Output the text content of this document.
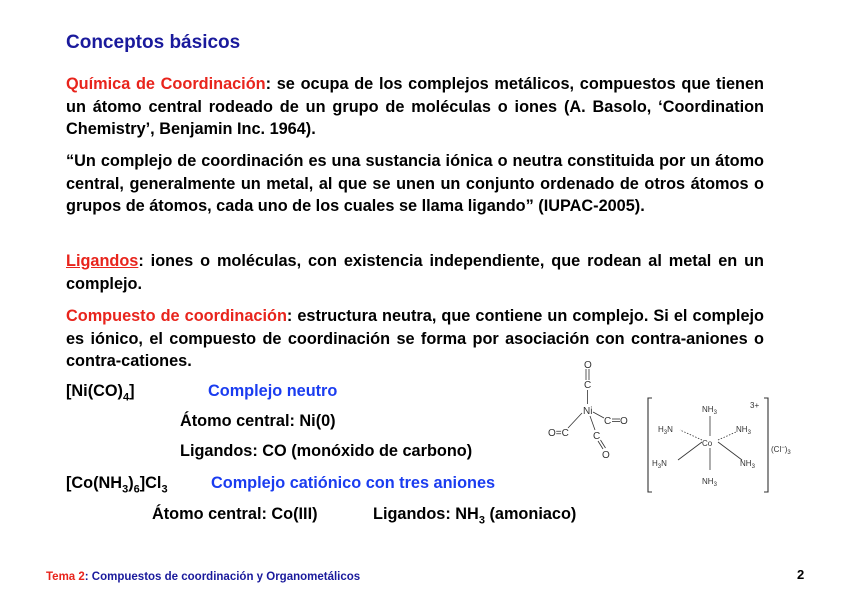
Conceptos básicos
Química de Coordinación: se ocupa de los complejos metálicos, compuestos que tienen un átomo central rodeado de un grupo de moléculas o iones (A. Basolo, ‘Coordination Chemistry’, Benjamin Inc. 1964).
“Un complejo de coordinación es una sustancia iónica o neutra constituida por un átomo central, generalmente un metal, al que se unen un conjunto ordenado de otros átomos o grupos de átomos, cada uno de los cuales se llama ligando” (IUPAC-2005).
Ligandos: iones o moléculas, con existencia independiente, que rodean al metal en un complejo.
Compuesto de coordinación: estructura neutra, que contiene un complejo. Si el complejo es iónico, el compuesto de coordinación se forma por asociación con contra-aniones o contra-cationes.
$[Ni(CO)_4]$	Complejo neutro
Átomo central: Ni(0)
Ligandos: CO (monóxido de carbono)
$[Co(NH_3)_6]Cl_3$	Complejo catiónico con tres aniones
Átomo central: Co(III)	Ligandos: $NH_3$ (amoniaco)
O
C
Ni
C O
O=C C
O
$NH_3$
3+
$H_3N$	$NH_3$
Co
$H_3N$	$NH_3$
$NH_3$
$(Cl^-)_3$
Tema 2: Compuestos de coordinación y Organometálicos	2
